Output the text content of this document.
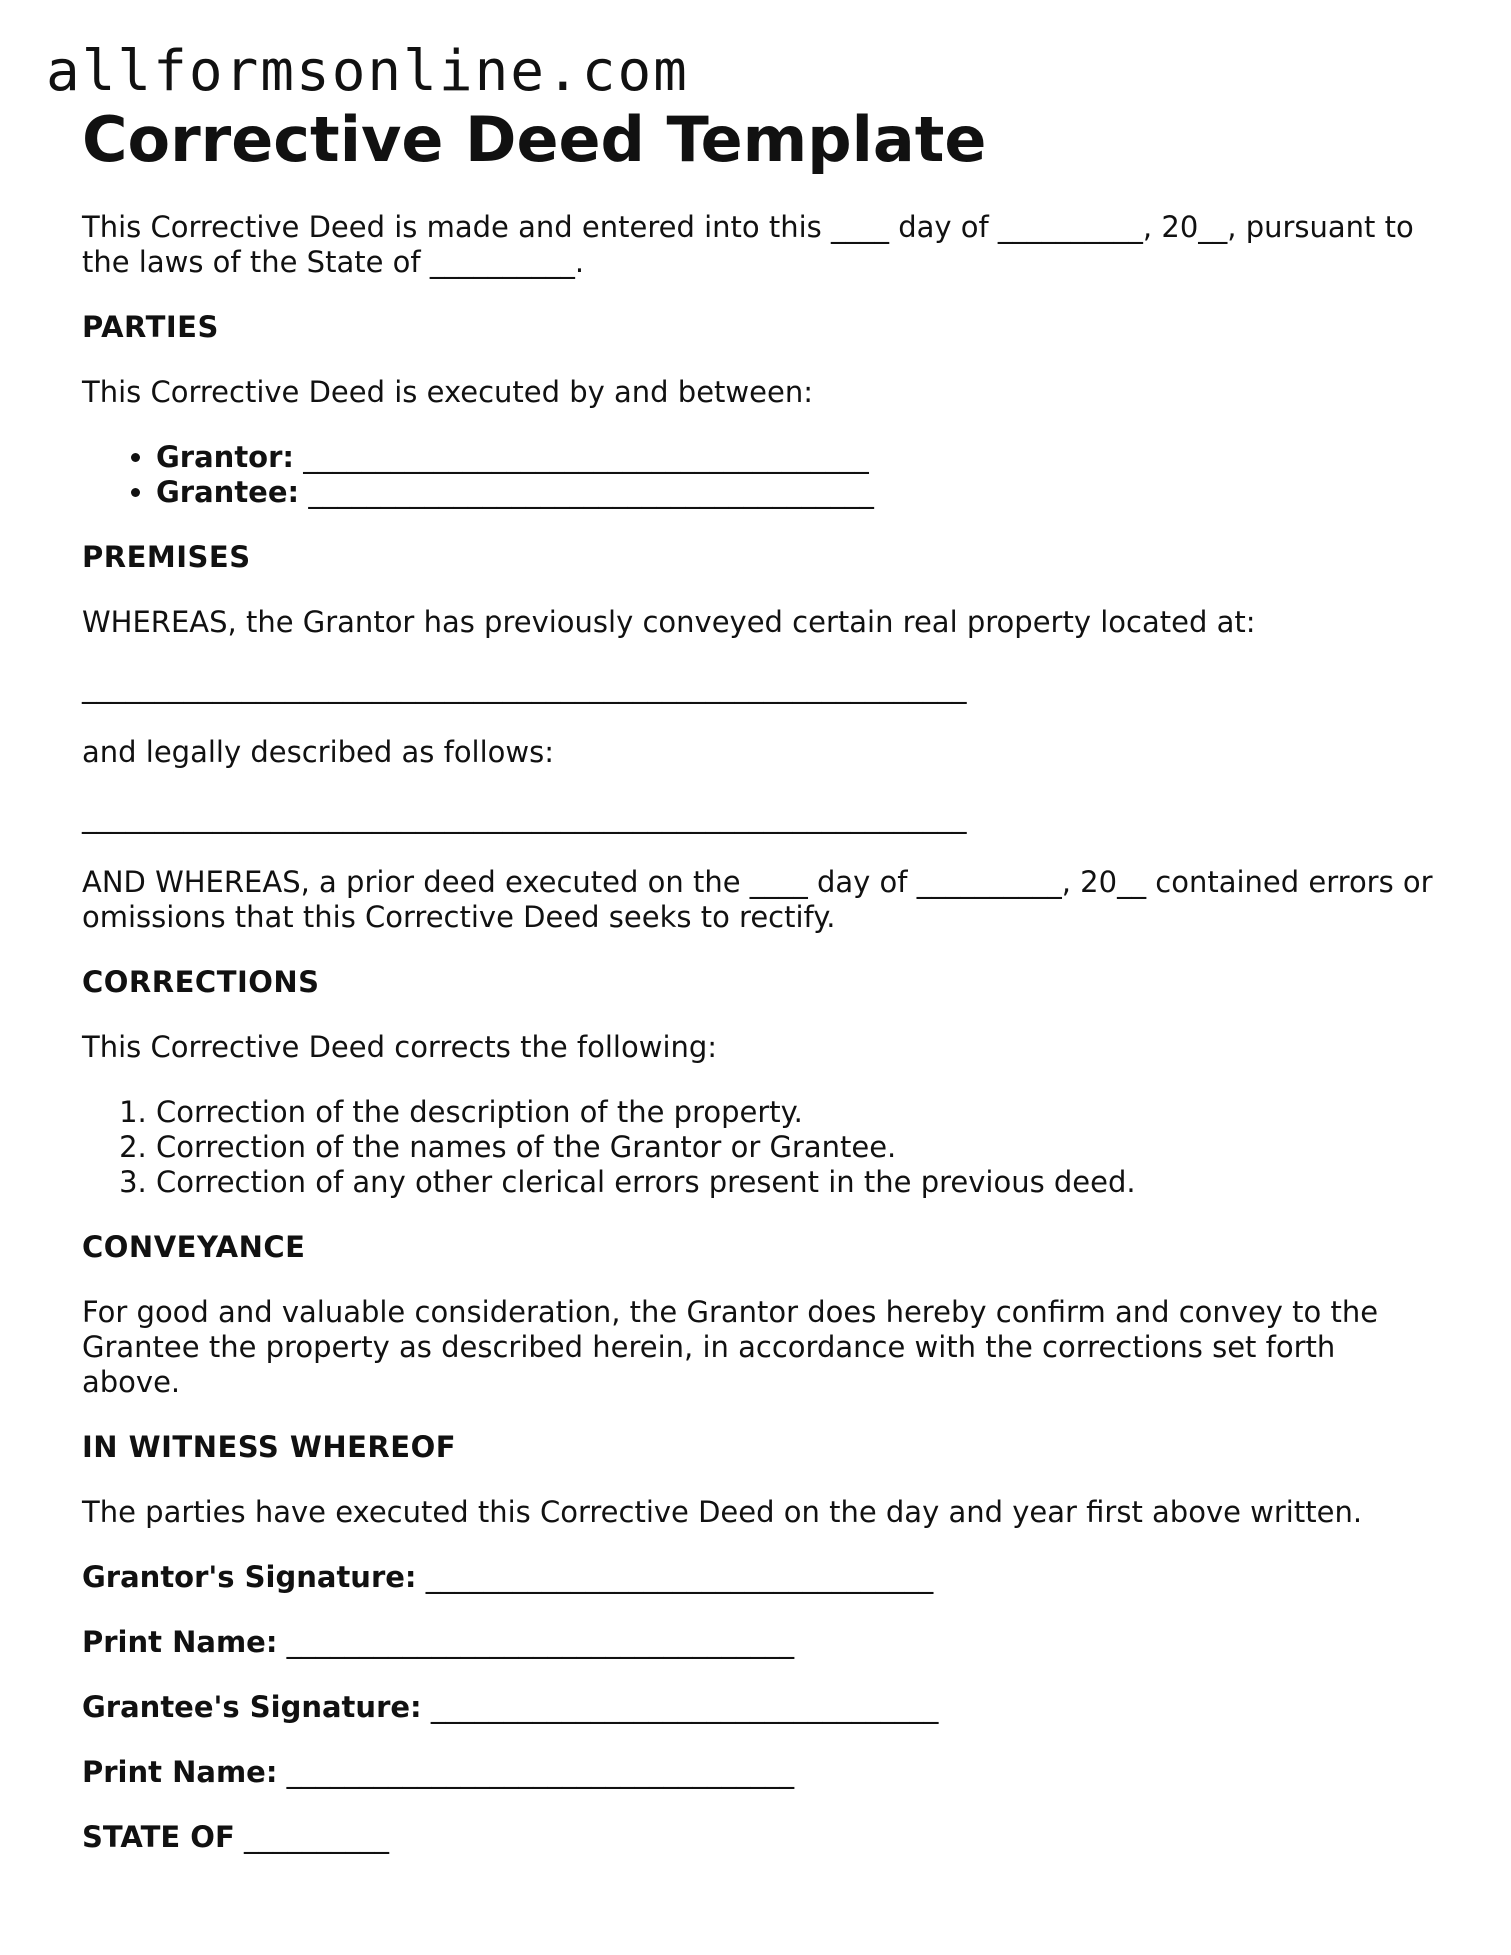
allformsonline.com
Corrective Deed Template

This Corrective Deed is made and entered into this ____ day of __________, 20__, pursuant to the laws of the State of __________.

PARTIES

This Corrective Deed is executed by and between:

• Grantor: _______________________________________
• Grantee: _______________________________________
PREMISES

WHEREAS, the Grantor has previously conveyed certain real property located at:

_____________________________________________________________

and legally described as follows:

_____________________________________________________________

AND WHEREAS, a prior deed executed on the ____ day of __________, 20__ contained errors or omissions that this Corrective Deed seeks to rectify.

CORRECTIONS

This Corrective Deed corrects the following:

1. Correction of the description of the property.
2. Correction of the names of the Grantor or Grantee.
3. Correction of any other clerical errors present in the previous deed.
CONVEYANCE

For good and valuable consideration, the Grantor does hereby confirm and convey to the Grantee the property as described herein, in accordance with the corrections set forth above.

IN WITNESS WHEREOF

The parties have executed this Corrective Deed on the day and year first above written.

Grantor's Signature: ___________________________________
Print Name: ___________________________________
Grantee's Signature: ___________________________________
Print Name: ___________________________________
STATE OF __________
